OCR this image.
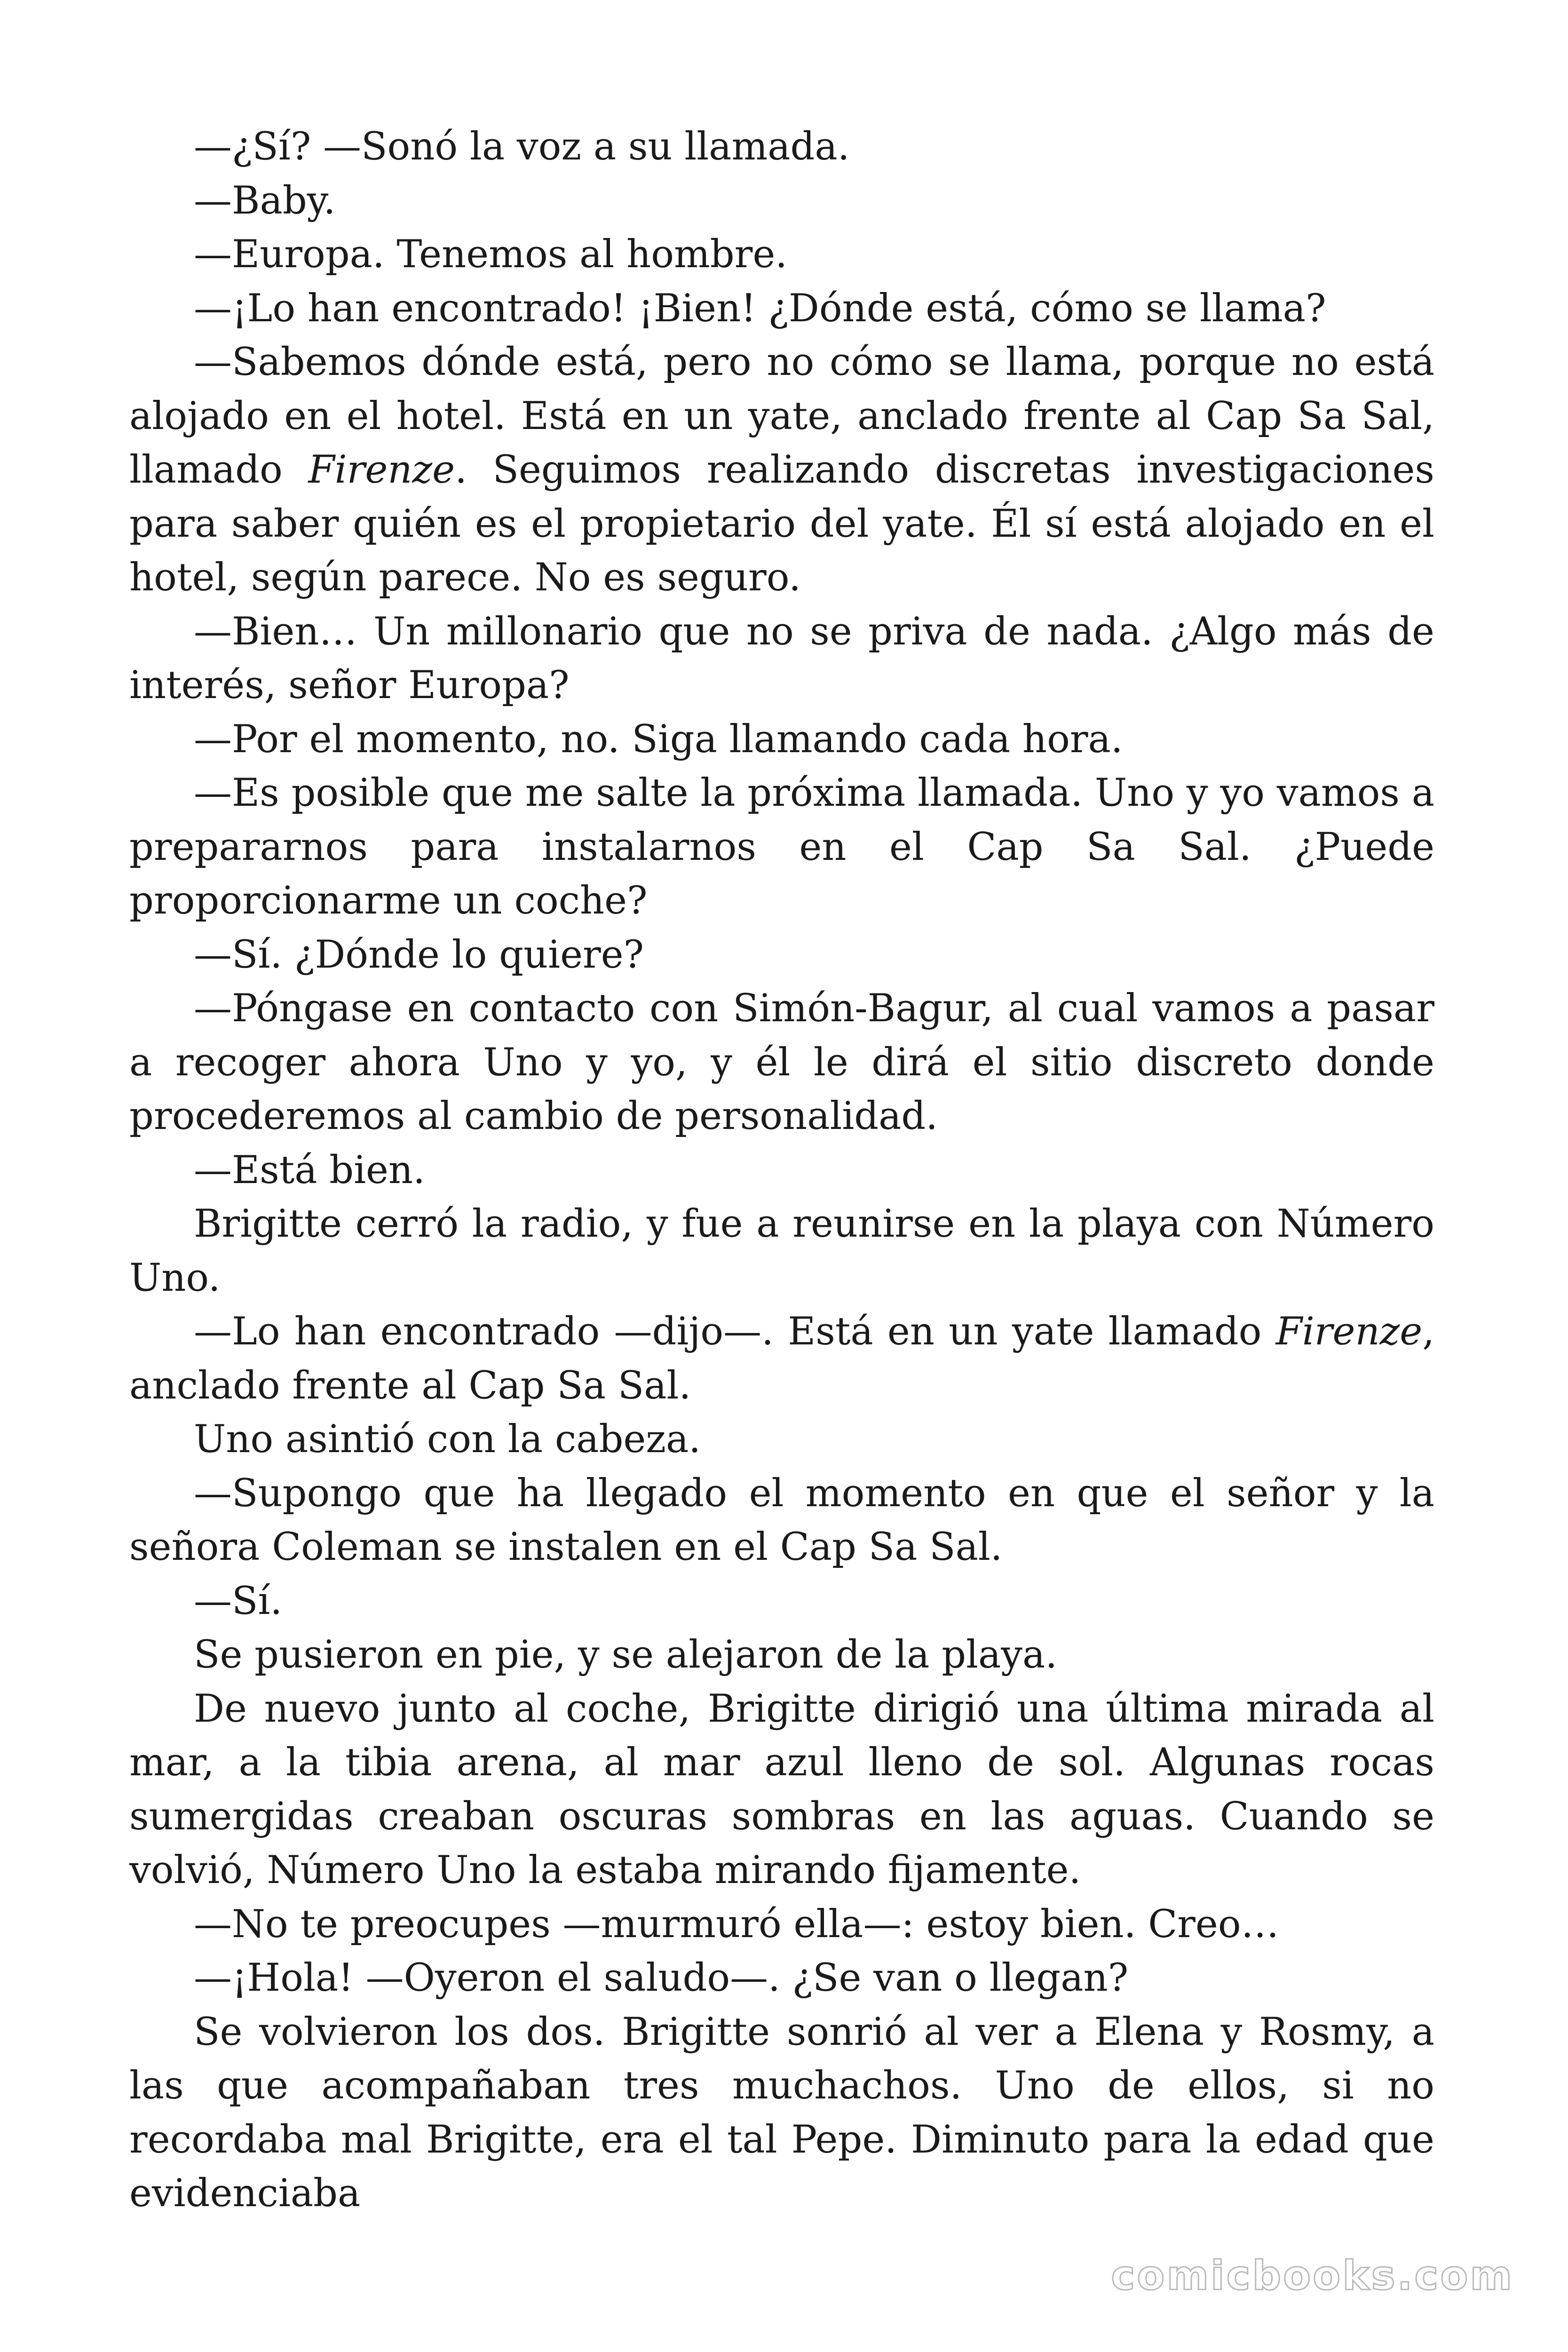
—¿Sí? —Sonó la voz a su llamada.

—Baby.

—Europa. Tenemos al hombre.

—¡Lo han encontrado! ¡Bien! ¿Dónde está, cómo se llama?

—Sabemos dónde está, pero no cómo se llama, porque no está alojado en el hotel. Está en un yate, anclado frente al Cap Sa Sal, llamado Firenze. Seguimos realizando discretas investigaciones para saber quién es el propietario del yate. Él sí está alojado en el hotel, según parece. No es seguro.

—Bien… Un millonario que no se priva de nada. ¿Algo más de interés, señor Europa?

—Por el momento, no. Siga llamando cada hora.

—Es posible que me salte la próxima llamada. Uno y yo vamos a prepararnos para instalarnos en el Cap Sa Sal. ¿Puede proporcionarme un coche?

—Sí. ¿Dónde lo quiere?

—Póngase en contacto con Simón-Bagur, al cual vamos a pasar a recoger ahora Uno y yo, y él le dirá el sitio discreto donde procederemos al cambio de personalidad.

—Está bien.

Brigitte cerró la radio, y fue a reunirse en la playa con Número Uno.

—Lo han encontrado —dijo—. Está en un yate llamado Firenze, anclado frente al Cap Sa Sal.

Uno asintió con la cabeza.

—Supongo que ha llegado el momento en que el señor y la señora Coleman se instalen en el Cap Sa Sal.

—Sí.

Se pusieron en pie, y se alejaron de la playa.

De nuevo junto al coche, Brigitte dirigió una última mirada al mar, a la tibia arena, al mar azul lleno de sol. Algunas rocas sumergidas creaban oscuras sombras en las aguas. Cuando se volvió, Número Uno la estaba mirando fijamente.

—No te preocupes —murmuró ella—: estoy bien. Creo…

—¡Hola! —Oyeron el saludo—. ¿Se van o llegan?

Se volvieron los dos. Brigitte sonrió al ver a Elena y Rosmy, a las que acompañaban tres muchachos. Uno de ellos, si no recordaba mal Brigitte, era el tal Pepe. Diminuto para la edad que evidenciaba

comicbooks.com
